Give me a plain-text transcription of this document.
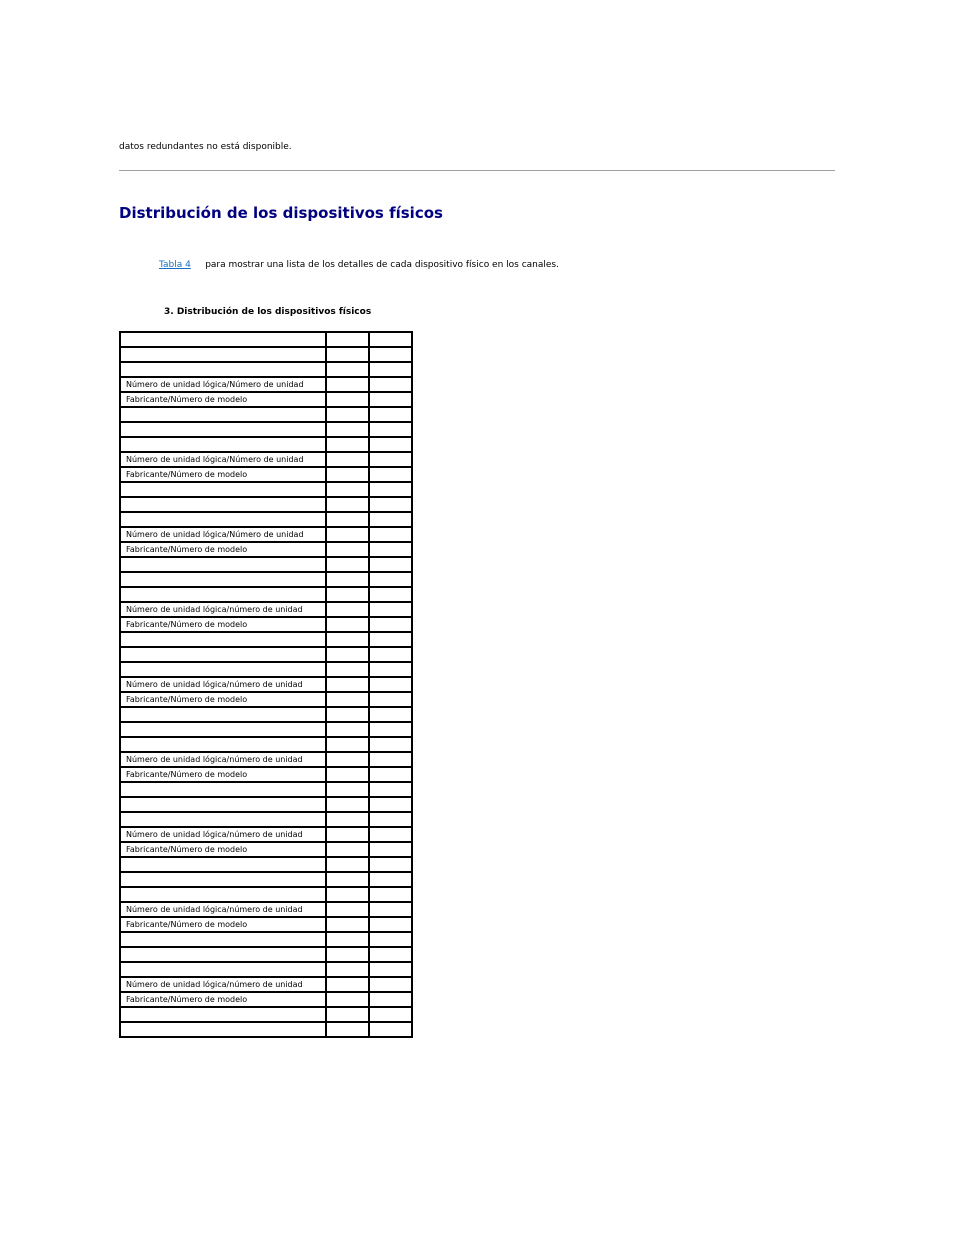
datos redundantes no está disponible.
Distribución de los dispositivos físicos
Tabla 4 para mostrar una lista de los detalles de cada dispositivo físico en los canales.
3. Distribución de los dispositivos físicos

Número de unidad lógica/Número de unidad		
Fabricante/Número de modelo		

Número de unidad lógica/Número de unidad		
Fabricante/Número de modelo		

Número de unidad lógica/Número de unidad		
Fabricante/Número de modelo		

Número de unidad lógica/número de unidad		
Fabricante/Número de modelo		

Número de unidad lógica/número de unidad		
Fabricante/Número de modelo		

Número de unidad lógica/número de unidad		
Fabricante/Número de modelo		

Número de unidad lógica/número de unidad		
Fabricante/Número de modelo		

Número de unidad lógica/número de unidad		
Fabricante/Número de modelo		

Número de unidad lógica/número de unidad		
Fabricante/Número de modelo		
